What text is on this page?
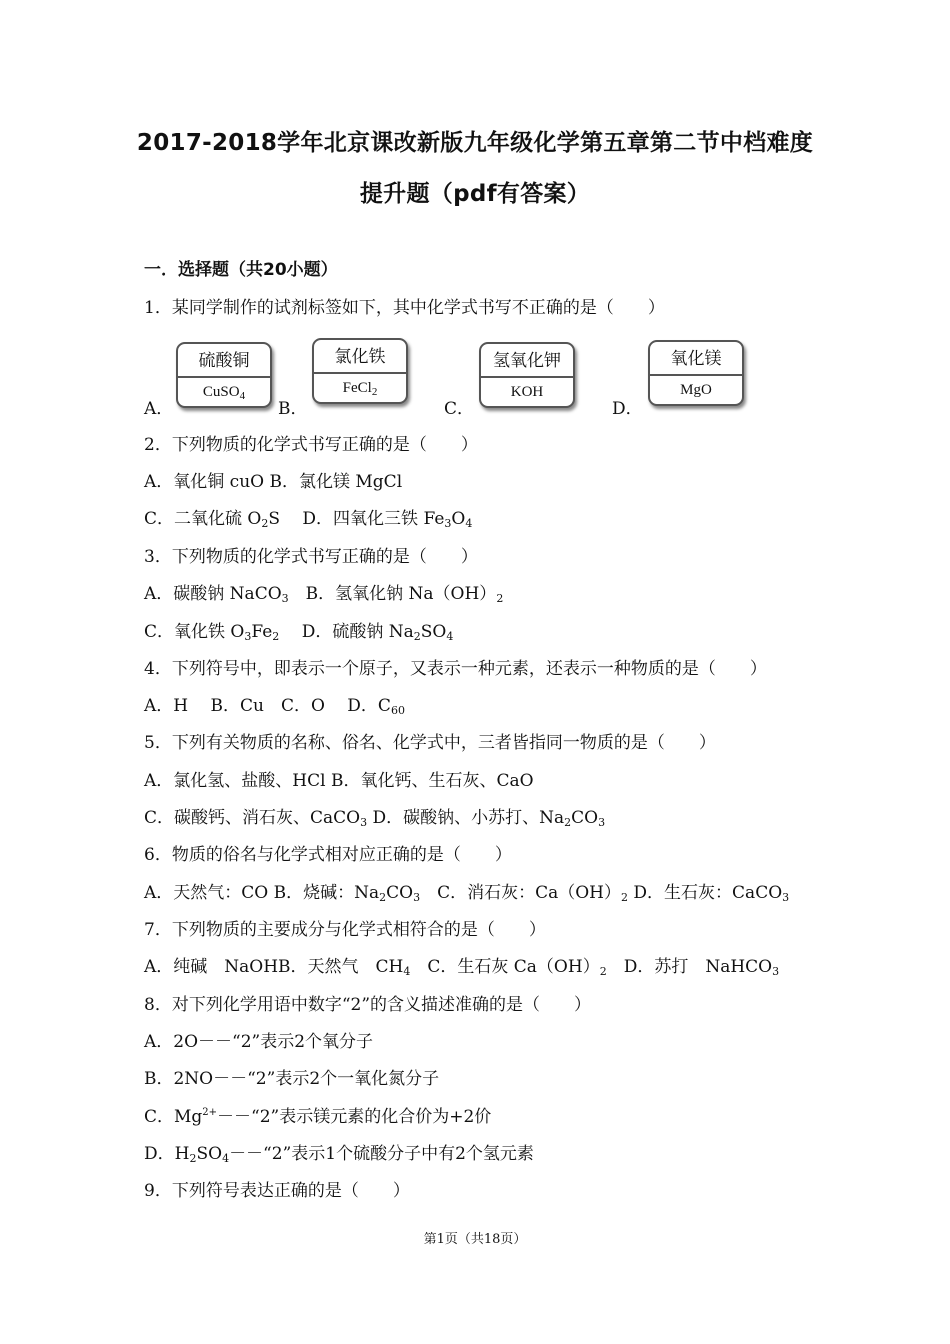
2017-2018学年北京课改新版九年级化学第五章第二节中档难度
提升题（pdf有答案）
一．选择题（共20小题）
1．某同学制作的试剂标签如下，其中化学式书写不正确的是（　　）
A．
硫酸铜
CuSO$_4$
B．
氯化铁
FeCl$_2$
C．
氢氧化钾
KOH
D．
氧化镁
MgO
2．下列物质的化学式书写正确的是（　　）
A．氧化铜 cuO B．氯化镁 MgCl
C．二氧化硫 $O_2S$　 D．四氧化三铁 $Fe_3O_4$
3．下列物质的化学式书写正确的是（　　）
A．碳酸钠 NaCO$_3$　 B．氢氧化钠 $Na(OH)_2$
C．氧化铁 $O_3Fe_2$　 D．硫酸钠 $Na_2SO_4$
4．下列符号中，即表示一个原子，又表示一种元素，还表示一种物质的是（　　）
A．H　 B．Cu　C．O　 D．$C_{60}$
5．下列有关物质的名称、俗名、化学式中，三者皆指同一物质的是（　　）
A．氯化氢、盐酸、HCl B．氧化钙、生石灰、CaO
C．碳酸钙、消石灰、CaCO$_3$ D．碳酸钠、小苏打、$Na_2CO_3$
6．物质的俗名与化学式相对应正确的是（　　）
A．天然气：CO B．烧碱：$Na_2CO_3$　C．消石灰：$Ca(OH)_2$ D．生石灰：CaCO$_3$
7．下列物质的主要成分与化学式相符合的是（　　）
A．纯碱　NaOHB．天然气　$CH_4$　C．生石灰 $Ca(OH)_2$　D．苏打　NaHCO$_3$
8．对下列化学用语中数字“2”的含义描述准确的是（　　）
A．2O－－“2”表示2个氧分子
B．2NO－－“2”表示2个一氧化氮分子
C．$Mg^{2+}--“2$”表示镁元素的化合价为+2价
D．$H_2SO_4--“2$”表示1个硫酸分子中有2个氢元素
9．下列符号表达正确的是（　　）
第1页（共18页）
